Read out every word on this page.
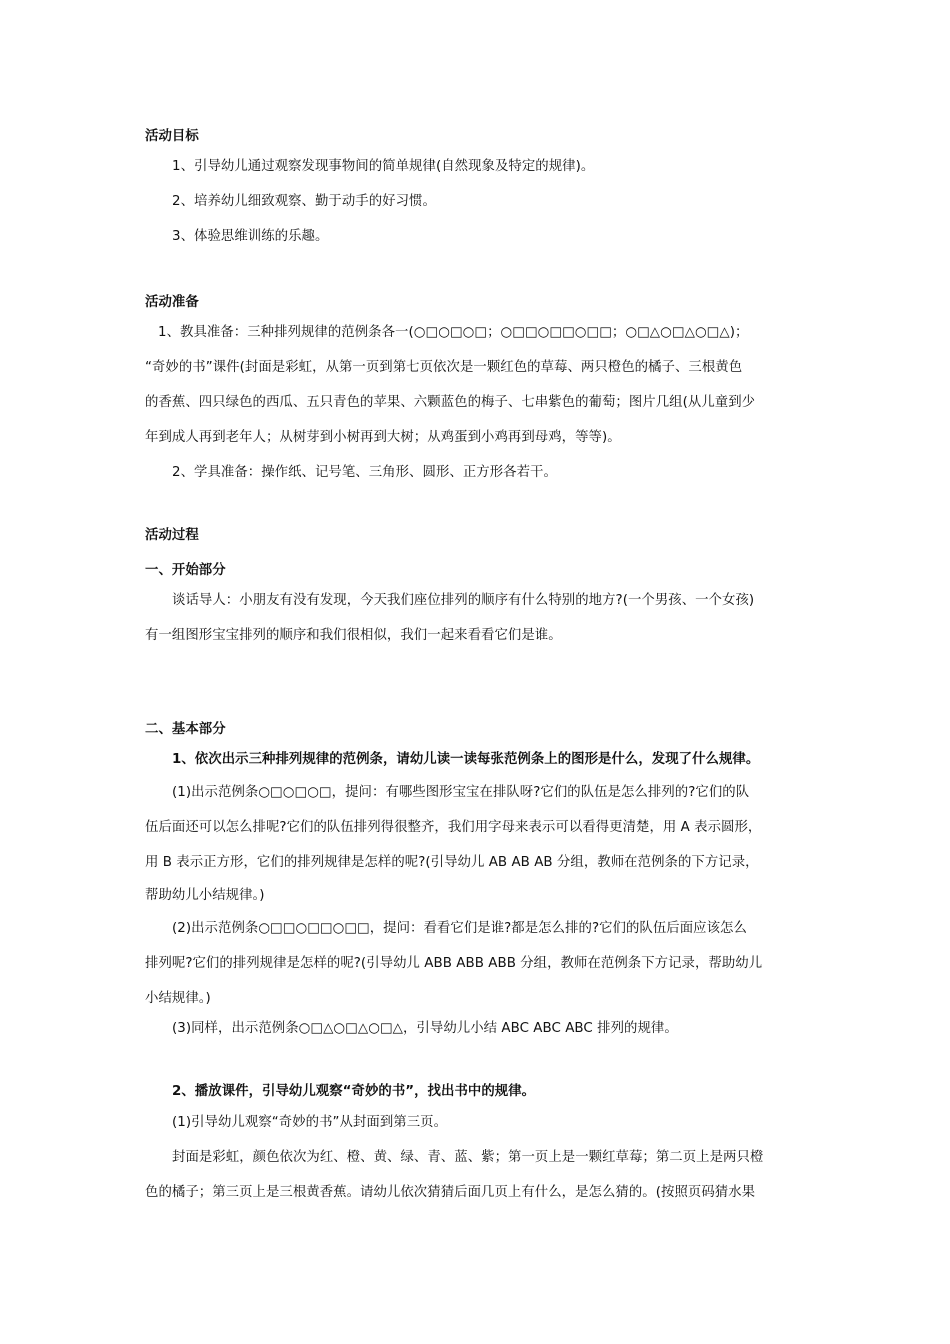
活动目标
1、引导幼儿通过观察发现事物间的简单规律(自然现象及特定的规律)。
2、培养幼儿细致观察、勤于动手的好习惯。
3、体验思维训练的乐趣。
活动准备
1、教具准备：三种排列规律的范例条各一(○□○□○□；○□□○□□○□□；○□△○□△○□△)；
“奇妙的书”课件(封面是彩虹，从第一页到第七页依次是一颗红色的草莓、两只橙色的橘子、三根黄色
的香蕉、四只绿色的西瓜、五只青色的苹果、六颗蓝色的梅子、七串紫色的葡萄；图片几组(从儿童到少
年到成人再到老年人；从树芽到小树再到大树；从鸡蛋到小鸡再到母鸡，等等)。
2、学具准备：操作纸、记号笔、三角形、圆形、正方形各若干。
活动过程
一、开始部分
谈话导人：小朋友有没有发现，今天我们座位排列的顺序有什么特别的地方?(一个男孩、一个女孩)
有一组图形宝宝排列的顺序和我们很相似，我们一起来看看它们是谁。
二、基本部分
1、依次出示三种排列规律的范例条，请幼儿读一读每张范例条上的图形是什么，发现了什么规律。
(1)出示范例条○□○□○□，提问：有哪些图形宝宝在排队呀?它们的队伍是怎么排列的?它们的队
伍后面还可以怎么排呢?它们的队伍排列得很整齐，我们用字母来表示可以看得更清楚，用 A 表示圆形，
用 B 表示正方形，它们的排列规律是怎样的呢?(引导幼儿 AB AB AB 分组，教师在范例条的下方记录，
帮助幼儿小结规律。)
(2)出示范例条○□□○□□○□□，提问：看看它们是谁?都是怎么排的?它们的队伍后面应该怎么
排列呢?它们的排列规律是怎样的呢?(引导幼儿 ABB ABB ABB 分组，教师在范例条下方记录，帮助幼儿
小结规律。)
(3)同样，出示范例条○□△○□△○□△，引导幼儿小结 ABC ABC ABC 排列的规律。
2、播放课件，引导幼儿观察“奇妙的书”，找出书中的规律。
(1)引导幼儿观察“奇妙的书”从封面到第三页。
封面是彩虹，颜色依次为红、橙、黄、绿、青、蓝、紫；第一页上是一颗红草莓；第二页上是两只橙
色的橘子；第三页上是三根黄香蕉。请幼儿依次猜猜后面几页上有什么，是怎么猜的。(按照页码猜水果
